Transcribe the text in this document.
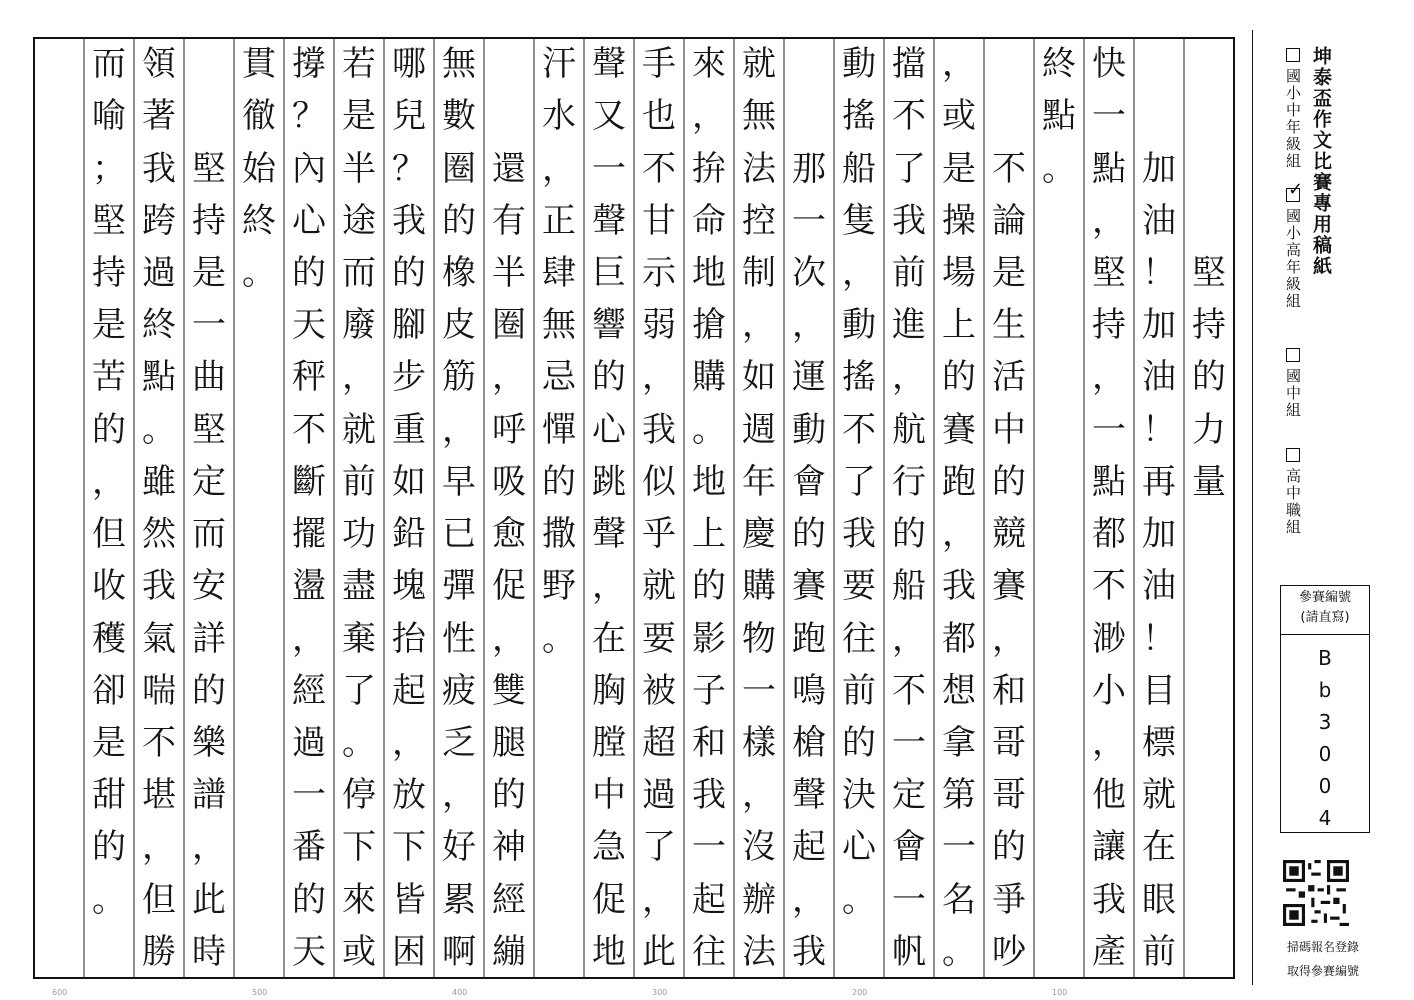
堅
持
的
力
量
加
油
！
加
油
！
再
加
油
！
目
標
就
在
眼
前
快
一
點
，
堅
持
，
一
點
都
不
渺
小
，
他
讓
我
產
終
點
。
不
論
是
生
活
中
的
競
賽
，
和
哥
哥
的
爭
吵
，
或
是
操
場
上
的
賽
跑
，
我
都
想
拿
第
一
名
。
擋
不
了
我
前
進
，
航
行
的
船
，
不
一
定
會
一
帆
動
搖
船
隻
，
動
搖
不
了
我
要
往
前
的
決
心
。
那
一
次
，
運
動
會
的
賽
跑
鳴
槍
聲
起
，
我
就
無
法
控
制
，
如
週
年
慶
購
物
一
樣
，
沒
辦
法
來
，
拚
命
地
搶
購
。
地
上
的
影
子
和
我
一
起
往
手
也
不
甘
示
弱
，
我
似
乎
就
要
被
超
過
了
，
此
聲
又
一
聲
巨
響
的
心
跳
聲
，
在
胸
膛
中
急
促
地
汗
水
，
正
肆
無
忌
憚
的
撒
野
。
還
有
半
圈
，
呼
吸
愈
促
，
雙
腿
的
神
經
繃
無
數
圈
的
橡
皮
筋
，
早
已
彈
性
疲
乏
，
好
累
啊
哪
兒
？
我
的
腳
步
重
如
鉛
塊
抬
起
，
放
下
皆
困
若
是
半
途
而
廢
，
就
前
功
盡
棄
了
。
停
下
來
或
撐
？
內
心
的
天
秤
不
斷
擺
盪
，
經
過
一
番
的
天
貫
徹
始
終
。
堅
持
是
一
曲
堅
定
而
安
詳
的
樂
譜
，
此
時
領
著
我
跨
過
終
點
。
雖
然
我
氣
喘
不
堪
，
但
勝
而
喻
；
堅
持
是
苦
的
，
但
收
穫
卻
是
甜
的
。
坤泰盃作文比賽專用稿紙
國小中年級組
✓
國小高年級組
國中組
高中職組
參賽編號
(請直寫)
Bb3004
掃碼報名登錄
取得參賽編號
600	500	400	300	200	100
